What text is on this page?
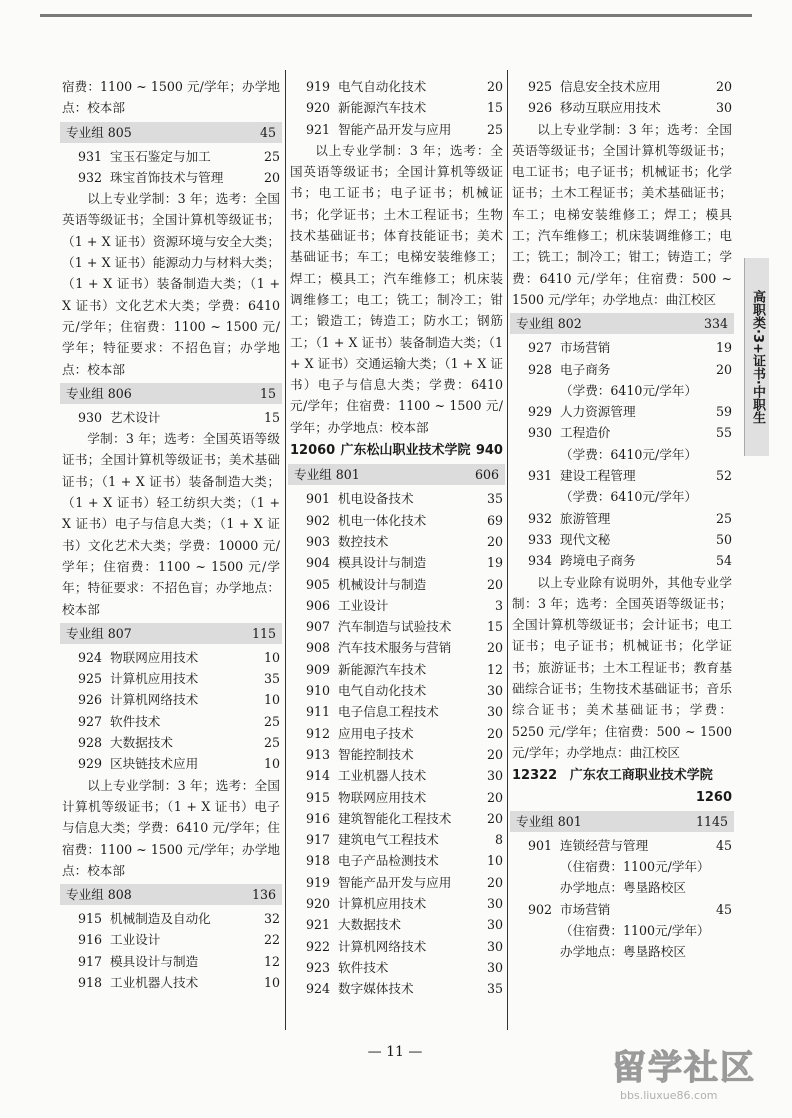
宿费：1100 ~ 1500 元/学年；办学地点：校本部

专业组 805	45
931 宝玉石鉴定与加工	25
932 珠宝首饰技术与管理	20

以上专业学制：3 年；选考：全国英语等级证书；全国计算机等级证书；（1 + X 证书）资源环境与安全大类；（1 + X 证书）能源动力与材料大类；（1 + X 证书）装备制造大类；（1 + X 证书）文化艺术大类；学费：6410 元/学年；住宿费：1100 ~ 1500 元/学年；特征要求：不招色盲；办学地点：校本部

专业组 806	15
930 艺术设计	15

学制：3 年；选考：全国英语等级证书；全国计算机等级证书；美术基础证书；（1 + X 证书）装备制造大类；（1 + X 证书）轻工纺织大类；（1 + X 证书）电子与信息大类；（1 + X 证书）文化艺术大类；学费：10000 元/学年；住宿费：1100 ~ 1500 元/学年；特征要求：不招色盲；办学地点：校本部

专业组 807	115
924 物联网应用技术	10
925 计算机应用技术	35
926 计算机网络技术	10
927 软件技术	25
928 大数据技术	25
929 区块链技术应用	10

以上专业学制：3 年；选考：全国计算机等级证书；（1 + X 证书）电子与信息大类；学费：6410 元/学年；住宿费：1100 ~ 1500 元/学年；办学地点：校本部

专业组 808	136
915 机械制造及自动化	32
916 工业设计	22
917 模具设计与制造	12
918 工业机器人技术	10
919 电气自动化技术	20
920 新能源汽车技术	15
921 智能产品开发与应用	25

以上专业学制：3 年；选考：全国英语等级证书；全国计算机等级证书；电工证书；电子证书；机械证书；化学证书；土木工程证书；生物技术基础证书；体育技能证书；美术基础证书；车工；电梯安装维修工；焊工；模具工；汽车维修工；机床装调维修工；电工；铣工；制冷工；钳工；锻造工；铸造工；防水工；钢筋工；（1 + X 证书）装备制造大类；（1 + X 证书）交通运输大类；（1 + X 证书）电子与信息大类；学费：6410 元/学年；住宿费：1100 ~ 1500 元/学年；办学地点：校本部

12060 广东松山职业技术学院 940
专业组 801	606
901 机电设备技术	35
902 机电一体化技术	69
903 数控技术	20
904 模具设计与制造	19
905 机械设计与制造	20
906 工业设计	3
907 汽车制造与试验技术	15
908 汽车技术服务与营销	20
909 新能源汽车技术	12
910 电气自动化技术	30
911 电子信息工程技术	30
912 应用电子技术	20
913 智能控制技术	20
914 工业机器人技术	30
915 物联网应用技术	20
916 建筑智能化工程技术	20
917 建筑电气工程技术	8
918 电子产品检测技术	10
919 智能产品开发与应用	20
920 计算机应用技术	30
921 大数据技术	30
922 计算机网络技术	30
923 软件技术	30
924 数字媒体技术	35
925 信息安全技术应用	20
926 移动互联应用技术	30

以上专业学制：3 年；选考：全国英语等级证书；全国计算机等级证书；电工证书；电子证书；机械证书；化学证书；土木工程证书；美术基础证书；车工；电梯安装维修工；焊工；模具工；汽车维修工；机床装调维修工；电工；铣工；制冷工；钳工；铸造工；学费：6410 元/学年；住宿费：500 ~ 1500 元/学年；办学地点：曲江校区

专业组 802	334
927 市场营销	19
928 电子商务	20
（学费：6410元/学年）
929 人力资源管理	59
930 工程造价	55
（学费：6410元/学年）
931 建设工程管理	52
（学费：6410元/学年）
932 旅游管理	25
933 现代文秘	50
934 跨境电子商务	54

以上专业除有说明外，其他专业学制：3 年；选考：全国英语等级证书；全国计算机等级证书；会计证书；电工证书；电子证书；机械证书；化学证书；旅游证书；土木工程证书；教育基础综合证书；生物技术基础证书；音乐综合证书；美术基础证书；学费：5250 元/学年；住宿费：500 ~ 1500 元/学年；办学地点：曲江校区

12322 广东农工商职业技术学院
1260
专业组 801	1145
901 连锁经营与管理	45
（住宿费：1100元/学年）
办学地点：粤垦路校区
902 市场营销	45
（住宿费：1100元/学年）
办学地点：粤垦路校区
高职类·3+证书·中职生
— 11 —	留学社区
bbs.liuxue86.com
